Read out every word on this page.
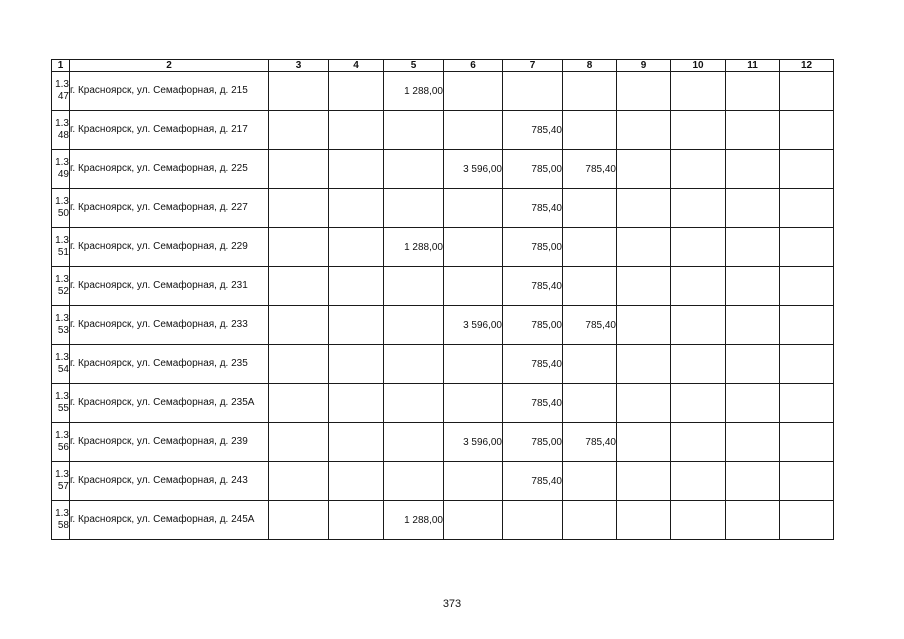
1	2	3	4	5	6	7	8	9	10	11	12

1.3
47	г. Красноярск, ул. Семафорная, д. 215			1 288,00							

1.3
48	г. Красноярск, ул. Семафорная, д. 217					785,40					

1.3
49	г. Красноярск, ул. Семафорная, д. 225				3 596,00	785,00	785,40				

1.3
50	г. Красноярск, ул. Семафорная, д. 227					785,40					

1.3
51	г. Красноярск, ул. Семафорная, д. 229			1 288,00		785,00					

1.3
52	г. Красноярск, ул. Семафорная, д. 231					785,40					

1.3
53	г. Красноярск, ул. Семафорная, д. 233				3 596,00	785,00	785,40				

1.3
54	г. Красноярск, ул. Семафорная, д. 235					785,40					

1.3
55	г. Красноярск, ул. Семафорная, д. 235А					785,40					

1.3
56	г. Красноярск, ул. Семафорная, д. 239				3 596,00	785,00	785,40				

1.3
57	г. Красноярск, ул. Семафорная, д. 243					785,40					

1.3
58	г. Красноярск, ул. Семафорная, д. 245А			1 288,00							
373
